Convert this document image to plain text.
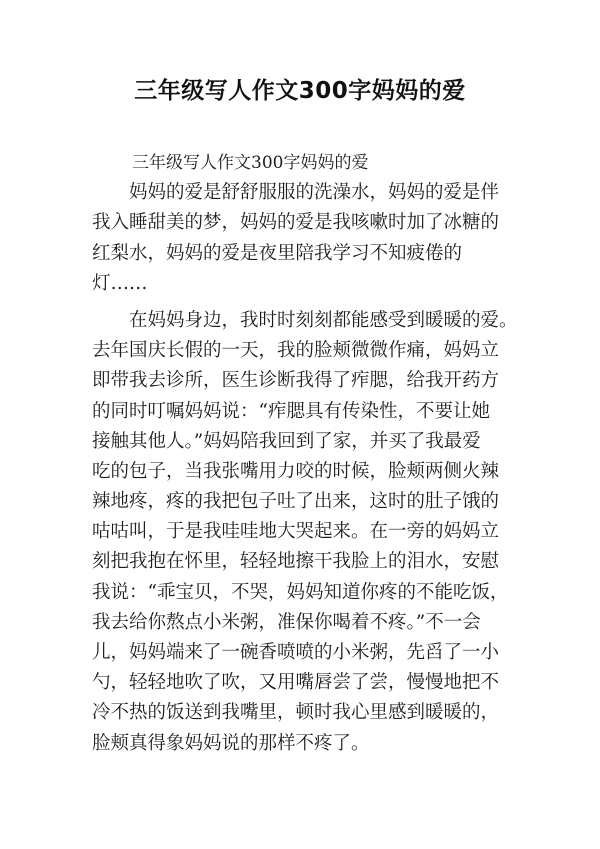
三年级写人作文300字妈妈的爱
三年级写人作文300字妈妈的爱
妈妈的爱是舒舒服服的洗澡水，妈妈的爱是伴
我入睡甜美的梦，妈妈的爱是我咳嗽时加了冰糖的
红梨水，妈妈的爱是夜里陪我学习不知疲倦的
灯……
在妈妈身边，我时时刻刻都能感受到暖暖的爱。
去年国庆长假的一天，我的脸颊微微作痛，妈妈立
即带我去诊所，医生诊断我得了痄腮，给我开药方
的同时叮嘱妈妈说：“痄腮具有传染性，不要让她
接触其他人。”妈妈陪我回到了家，并买了我最爱
吃的包子，当我张嘴用力咬的时候，脸颊两侧火辣
辣地疼，疼的我把包子吐了出来，这时的肚子饿的
咕咕叫，于是我哇哇地大哭起来。在一旁的妈妈立
刻把我抱在怀里，轻轻地擦干我脸上的泪水，安慰
我说：“乖宝贝，不哭，妈妈知道你疼的不能吃饭，
我去给你熬点小米粥，准保你喝着不疼。”不一会
儿，妈妈端来了一碗香喷喷的小米粥，先舀了一小
勺，轻轻地吹了吹，又用嘴唇尝了尝，慢慢地把不
冷不热的饭送到我嘴里，顿时我心里感到暖暖的，
脸颊真得象妈妈说的那样不疼了。
